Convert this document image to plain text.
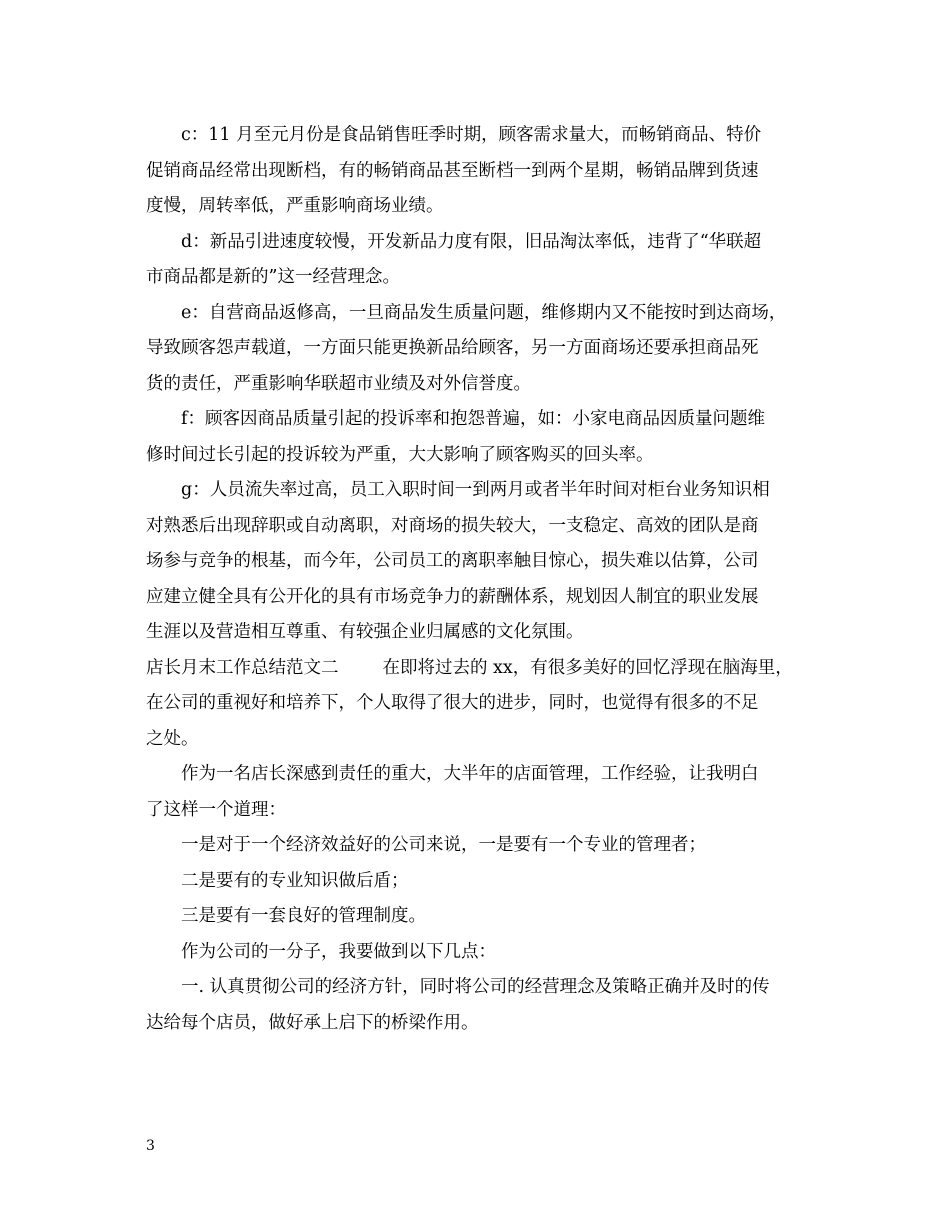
c：11 月至元月份是食品销售旺季时期，顾客需求量大，而畅销商品、特价
促销商品经常出现断档，有的畅销商品甚至断档一到两个星期，畅销品牌到货速
度慢，周转率低，严重影响商场业绩。
d：新品引进速度较慢，开发新品力度有限，旧品淘汰率低，违背了“华联超
市商品都是新的”这一经营理念。
e：自营商品返修高，一旦商品发生质量问题，维修期内又不能按时到达商场，
导致顾客怨声载道，一方面只能更换新品给顾客，另一方面商场还要承担商品死
货的责任，严重影响华联超市业绩及对外信誉度。
f：顾客因商品质量引起的投诉率和抱怨普遍，如：小家电商品因质量问题维
修时间过长引起的投诉较为严重，大大影响了顾客购买的回头率。
g：人员流失率过高，员工入职时间一到两月或者半年时间对柜台业务知识相
对熟悉后出现辞职或自动离职，对商场的损失较大，一支稳定、高效的团队是商
场参与竞争的根基，而今年，公司员工的离职率触目惊心，损失难以估算，公司
应建立健全具有公开化的具有市场竞争力的薪酬体系，规划因人制宜的职业发展
生涯以及营造相互尊重、有较强企业归属感的文化氛围。
店长月末工作总结范文二	在即将过去的 xx，有很多美好的回忆浮现在脑海里，
在公司的重视好和培养下，个人取得了很大的进步，同时，也觉得有很多的不足
之处。
作为一名店长深感到责任的重大，大半年的店面管理，工作经验，让我明白
了这样一个道理：
一是对于一个经济效益好的公司来说，一是要有一个专业的管理者；
二是要有的专业知识做后盾；
三是要有一套良好的管理制度。
作为公司的一分子，我要做到以下几点：
一. 认真贯彻公司的经济方针，同时将公司的经营理念及策略正确并及时的传
达给每个店员，做好承上启下的桥梁作用。
3
